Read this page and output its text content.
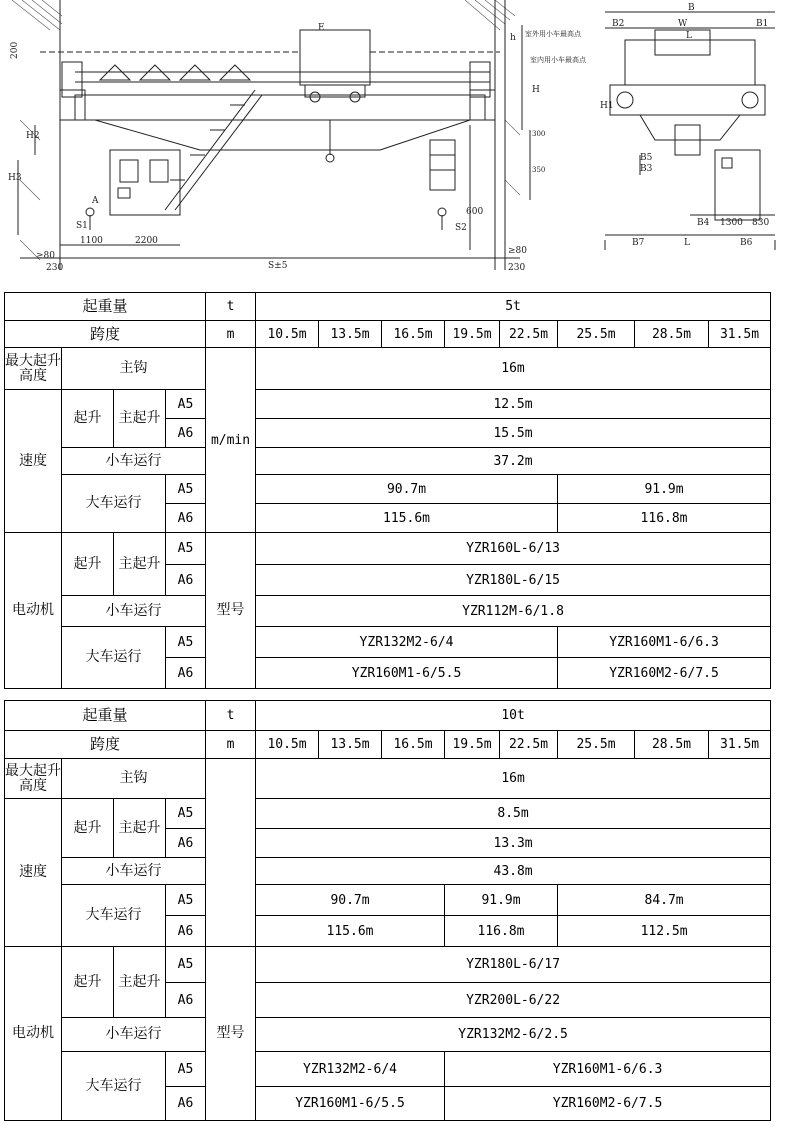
200
H2
H3
A
S1
1100	2200
≥80
230	S±5
E
h 室外用小车最高点
室内用小车最高点
H
300
350
600
S2
≥80
230
B
B2	W	B1
L
H1
B5
B3
B4 1300 830
B7	L	B6
起重量				t	5t							
跨度				m	10.5m	13.5m	16.5m	19.5m	22.5m	25.5m	28.5m	31.5m
最大起升高度	主钩			m/min	16m							
速度	起升	主起升	A5		12.5m							
			A6		15.5m							
	小车运行				37.2m							
	大车运行		A5		90.7m					91.9m		
			A6		115.6m					116.8m		
电动机	起升	主起升	A5	型号	YZR160L-6/13							
			A6		YZR180L-6/15							
	小车运行				YZR112M-6/1.8							
	大车运行		A5		YZR132M2-6/4					YZR160M1-6/6.3		
			A6		YZR160M1-6/5.5					YZR160M2-6/7.5		
起重量				t	10t							
跨度				m	10.5m	13.5m	16.5m	19.5m	22.5m	25.5m	28.5m	31.5m
最大起升高度	主钩				16m							
速度	起升	主起升	A5		8.5m							
			A6		13.3m							
	小车运行				43.8m							
	大车运行		A5		90.7m			91.9m		84.7m		
			A6		115.6m			116.8m		112.5m		
电动机	起升	主起升	A5	型号	YZR180L-6/17							
			A6		YZR200L-6/22							
	小车运行				YZR132M2-6/2.5							
	大车运行		A5		YZR132M2-6/4			YZR160M1-6/6.3				
			A6		YZR160M1-6/5.5			YZR160M2-6/7.5				
